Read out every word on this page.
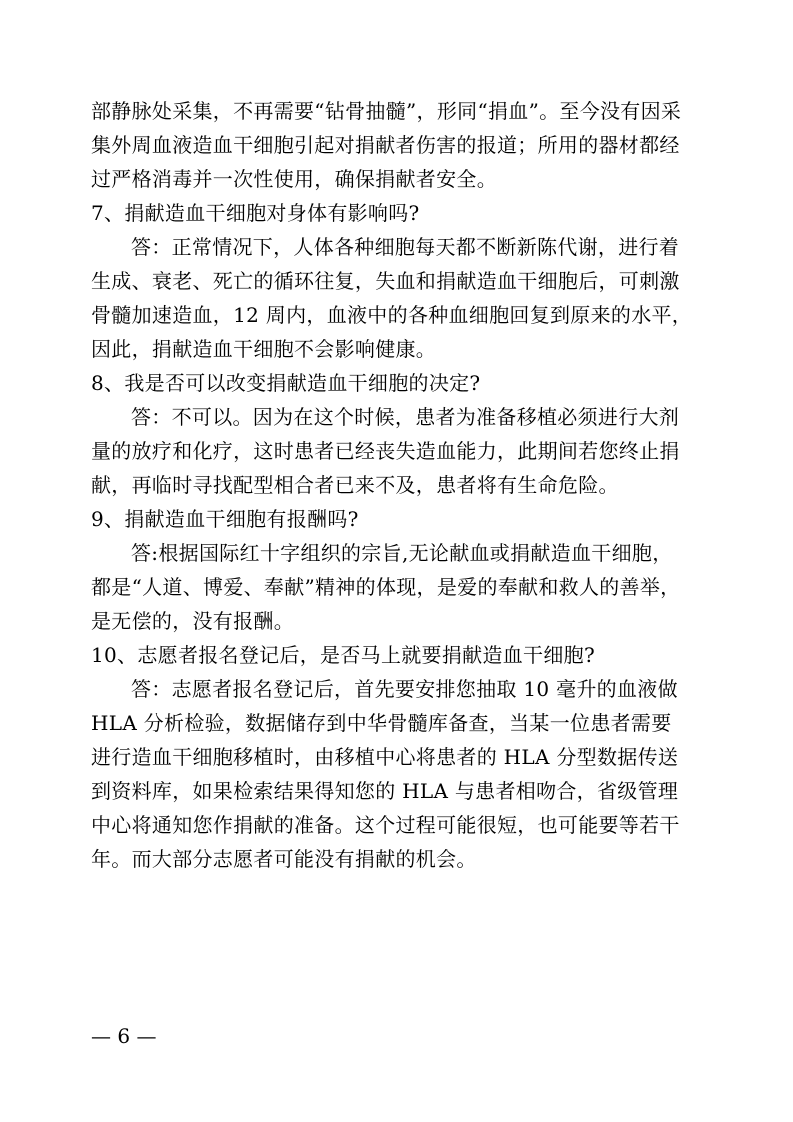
部静脉处采集，不再需要“钻骨抽髓”，形同“捐血”。至今没有因采
集外周血液造血干细胞引起对捐献者伤害的报道；所用的器材都经
过严格消毒并一次性使用，确保捐献者安全。
7、捐献造血干细胞对身体有影响吗?
答：正常情况下，人体各种细胞每天都不断新陈代谢，进行着
生成、衰老、死亡的循环往复，失血和捐献造血干细胞后，可刺激
骨髓加速造血，12 周内，血液中的各种血细胞回复到原来的水平，
因此，捐献造血干细胞不会影响健康。
8、我是否可以改变捐献造血干细胞的决定?
答：不可以。因为在这个时候，患者为准备移植必须进行大剂
量的放疗和化疗，这时患者已经丧失造血能力，此期间若您终止捐
献，再临时寻找配型相合者已来不及，患者将有生命危险。
9、捐献造血干细胞有报酬吗?
答:根据国际红十字组织的宗旨,无论献血或捐献造血干细胞，
都是“人道、博爱、奉献”精神的体现，是爱的奉献和救人的善举，
是无偿的，没有报酬。
10、志愿者报名登记后，是否马上就要捐献造血干细胞?
答：志愿者报名登记后，首先要安排您抽取 10 毫升的血液做
HLA 分析检验，数据储存到中华骨髓库备查，当某一位患者需要
进行造血干细胞移植时，由移植中心将患者的 HLA 分型数据传送
到资料库，如果检索结果得知您的 HLA 与患者相吻合，省级管理
中心将通知您作捐献的准备。这个过程可能很短，也可能要等若干
年。而大部分志愿者可能没有捐献的机会。
— 6 —
